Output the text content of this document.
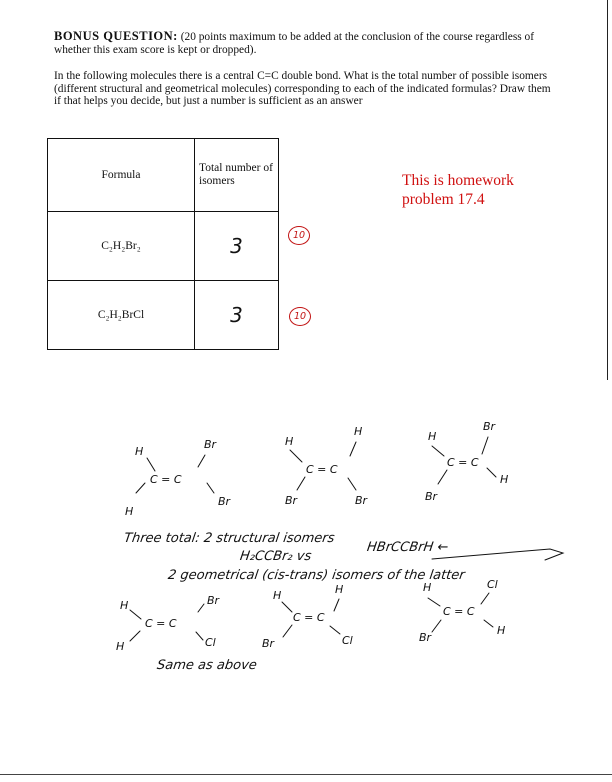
BONUS QUESTION: (20 points maximum to be added at the conclusion of the course regardless of whether this exam score is kept or dropped).

In the following molecules there is a central C=C double bond. What is the total number of possible isomers (different structural and geometrical molecules) corresponding to each of the indicated formulas? Draw them if that helps you decide, but just a number is sufficient as an answer

Formula	Total number of isomers

C₂H₂Br₂	3

C₂H₂BrCl	3
10
10
This is homework
problem 17.4
H
Br
C = C
H
Br
H
H
C = C
Br	Br
H
Br
C = C
H
Br
H	Br
C = C
H	Cl
H	H
C = C
Br	Cl
H	Cl
C = C
H
Br
Three total: 2 structural isomers
H₂CCBr₂ vs
HBrCCBrH ←
2 geometrical (cis-trans) isomers of the latter
Same as above
